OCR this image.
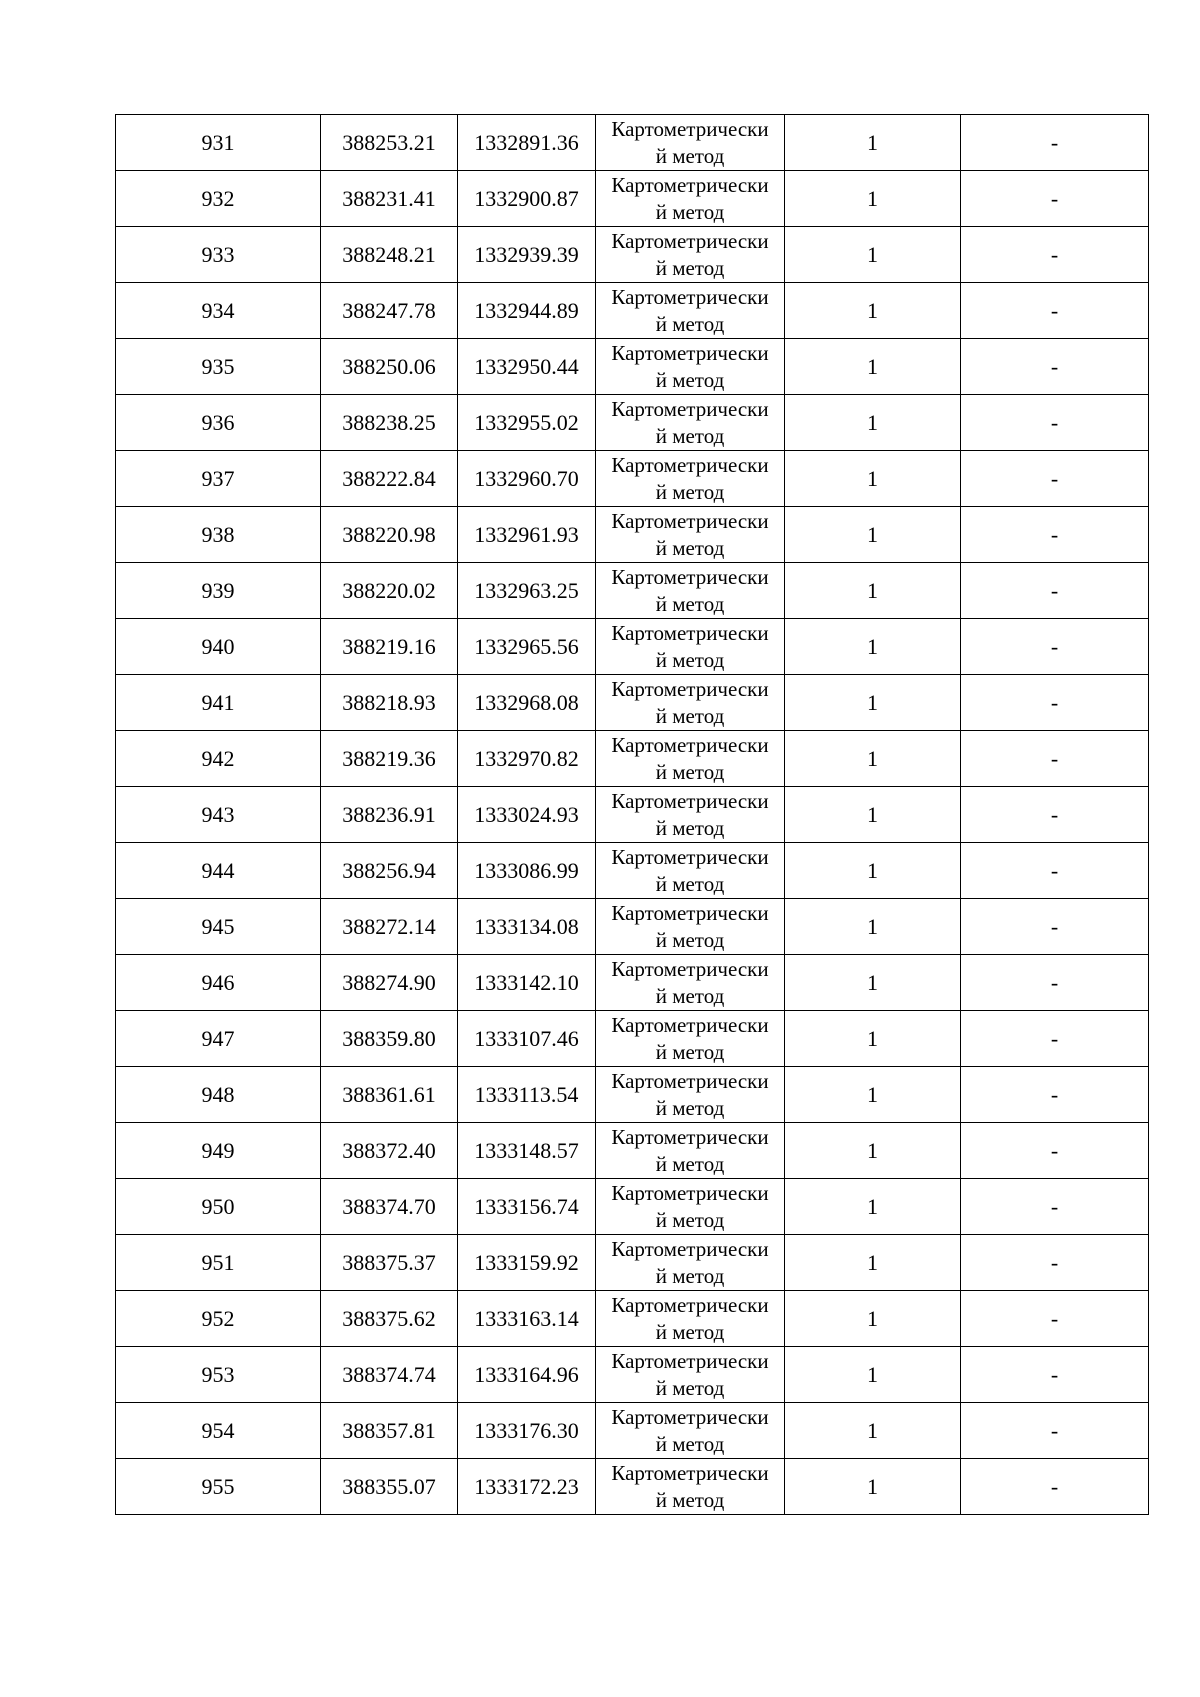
931	388253.21	1332891.36	Картометрически
й метод	1	-
932	388231.41	1332900.87	Картометрически
й метод	1	-
933	388248.21	1332939.39	Картометрически
й метод	1	-
934	388247.78	1332944.89	Картометрически
й метод	1	-
935	388250.06	1332950.44	Картометрически
й метод	1	-
936	388238.25	1332955.02	Картометрически
й метод	1	-
937	388222.84	1332960.70	Картометрически
й метод	1	-
938	388220.98	1332961.93	Картометрически
й метод	1	-
939	388220.02	1332963.25	Картометрически
й метод	1	-
940	388219.16	1332965.56	Картометрически
й метод	1	-
941	388218.93	1332968.08	Картометрически
й метод	1	-
942	388219.36	1332970.82	Картометрически
й метод	1	-
943	388236.91	1333024.93	Картометрически
й метод	1	-
944	388256.94	1333086.99	Картометрически
й метод	1	-
945	388272.14	1333134.08	Картометрически
й метод	1	-
946	388274.90	1333142.10	Картометрически
й метод	1	-
947	388359.80	1333107.46	Картометрически
й метод	1	-
948	388361.61	1333113.54	Картометрически
й метод	1	-
949	388372.40	1333148.57	Картометрически
й метод	1	-
950	388374.70	1333156.74	Картометрически
й метод	1	-
951	388375.37	1333159.92	Картометрически
й метод	1	-
952	388375.62	1333163.14	Картометрически
й метод	1	-
953	388374.74	1333164.96	Картометрически
й метод	1	-
954	388357.81	1333176.30	Картометрически
й метод	1	-
955	388355.07	1333172.23	Картометрически
й метод	1	-
